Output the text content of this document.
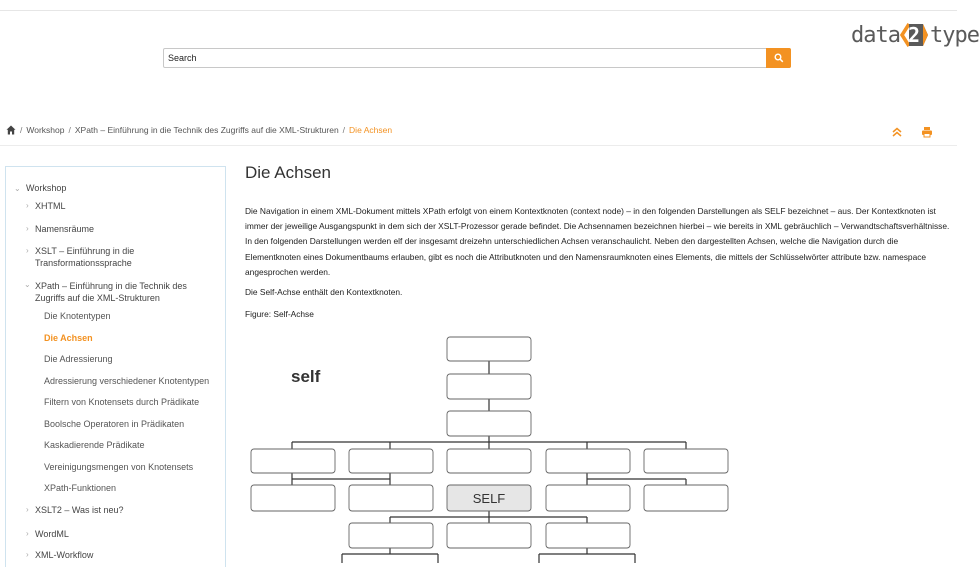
data 2 type
Search
/ Workshop / XPath – Einführung in die Technik des Zugriffs auf die XML-Strukturen / Die Achsen
⌄ Workshop
› XHTML
› Namensräume
› XSLT – Einführung in die Transformationssprache
⌄ XPath – Einführung in die Technik des Zugriffs auf die XML-Strukturen
Die Knotentypen
Die Achsen
Die Adressierung
Adressierung verschiedener Knotentypen
Filtern von Knotensets durch Prädikate
Boolsche Operatoren in Prädikaten
Kaskadierende Prädikate
Vereinigungsmengen von Knotensets
XPath-Funktionen
› XSLT2 – Was ist neu?
› WordML
› XML-Workflow
Die Achsen
Die Navigation in einem XML-Dokument mittels XPath erfolgt von einem Kontextknoten (context node) – in den folgenden Darstellungen als SELF bezeichnet – aus. Der Kontextknoten ist immer der jeweilige Ausgangspunkt in dem sich der XSLT-Prozessor gerade befindet. Die Achsennamen bezeichnen hierbei – wie bereits in XML gebräuchlich – Verwandtschaftsverhältnisse. In den folgenden Darstellungen werden elf der insgesamt dreizehn unterschiedlichen Achsen veranschaulicht. Neben den dargestellten Achsen, welche die Navigation durch die Elementknoten eines Dokumentbaums erlauben, gibt es noch die Attributknoten und den Namensraumknoten eines Elements, die mittels der Schlüsselwörter attribute bzw. namespace angesprochen werden.
Die Self-Achse enthält den Kontextknoten.
Figure: Self-Achse
self
SELF
